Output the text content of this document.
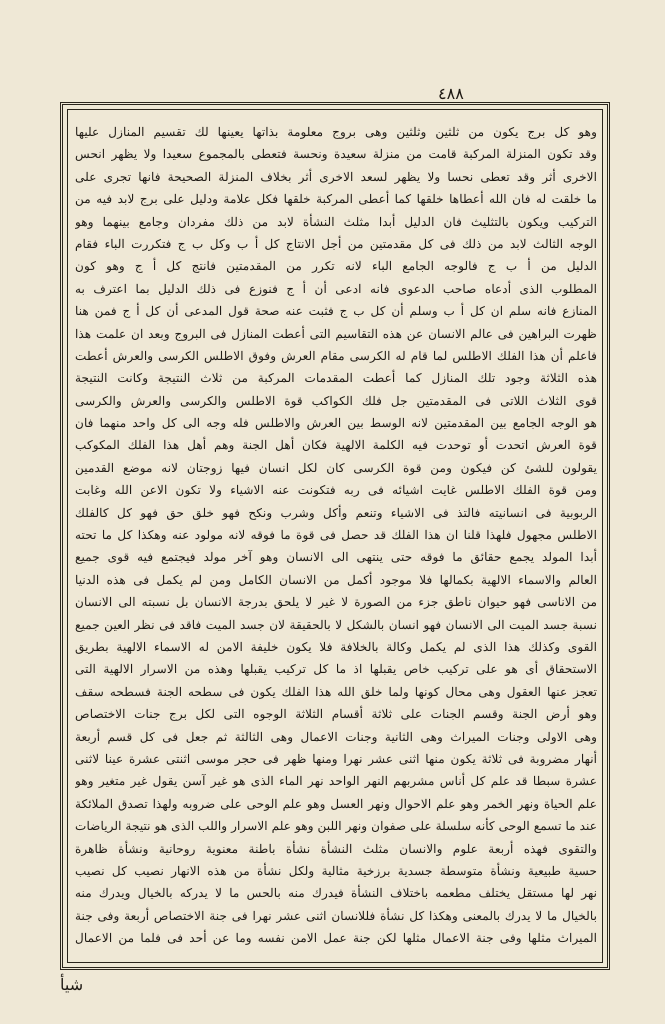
٤٨٨
وهو كل برج يكون من ثلثين وثلثين وهى بروج معلومة بذاتها يعينها لك تقسيم المنازل عليها
وقد تكون المنزلة المركبة قامت من منزلة سعيدة ونحسة فتعطى بالمجموع سعيدا ولا يظهر انحس
الاخرى أثر وقد تعطى نحسا ولا يظهر لسعد الاخرى أثر بخلاف المنزلة الصحيحة فانها تجرى على
ما خلقت له فان الله أعطاها خلقها كما أعطى المركبة خلقها فكل علامة ودليل على برج لابد فيه من
التركيب ويكون بالتثليث فان الدليل أبدا مثلث النشأة لابد من ذلك مفردان وجامع بينهما وهو
الوجه الثالث لابد من ذلك فى كل مقدمتين من أجل الانتاج كل أ ب وكل ب ج فتكررت الباء فقام
الدليل من أ ب ج فالوجه الجامع الباء لانه تكرر من المقدمتين فانتج كل أ ج وهو كون
المطلوب الذى أدعاه صاحب الدعوى فانه ادعى أن أ ج فنوزع فى ذلك الدليل بما اعترف به
المنازع فانه سلم ان كل أ ب وسلم أن كل ب ج فثبت عنه صحة قول المدعى أن كل أ ج فمن هنا
ظهرت البراهين فى عالم الانسان عن هذه التقاسيم التى أعطت المنازل فى البروج وبعد ان علمت هذا
فاعلم أن هذا الفلك الاطلس لما قام له الكرسى مقام العرش وفوق الاطلس الكرسى والعرش أعطت
هذه الثلاثة وجود تلك المنازل كما أعطت المقدمات المركبة من ثلاث النتيجة وكانت النتيجة
قوى الثلاث اللاتى فى المقدمتين جل فلك الكواكب قوة الاطلس والكرسى والعرش والكرسى
هو الوجه الجامع بين المقدمتين لانه الوسط بين العرش والاطلس فله وجه الى كل واحد منهما فان
قوة العرش اتحدت أو توحدت فيه الكلمة الالهية فكان أهل الجنة وهم أهل هذا الفلك المكوكب
يقولون للشئ كن فيكون ومن قوة الكرسى كان لكل انسان فيها زوجتان لانه موضع القدمين
ومن قوة الفلك الاطلس غايت اشيائه فى ربه فتكونت عنه الاشياء ولا تكون الاعن الله وغابت
الربوبية فى انسانيته فالتذ فى الاشياء وتنعم وأكل وشرب ونكح فهو خلق حق فهو كل كالفلك
الاطلس مجهول فلهذا قلنا ان هذا الفلك قد حصل فى قوة ما فوقه لانه مولود عنه وهكذا كل ما تحته
أبدا المولد يجمع حقائق ما فوقه حتى ينتهى الى الانسان وهو آخر مولد فيجتمع فيه قوى جميع
العالم والاسماء الالهية بكمالها فلا موجود أكمل من الانسان الكامل ومن لم يكمل فى هذه الدنيا
من الاناسى فهو حيوان ناطق جزء من الصورة لا غير لا يلحق بدرجة الانسان بل نسبته الى الانسان
نسبة جسد الميت الى الانسان فهو انسان بالشكل لا بالحقيقة لان جسد الميت فاقد فى نظر العين جميع
القوى وكذلك هذا الذى لم يكمل وكالة بالخلافة فلا يكون خليفة الامن له الاسماء الالهية بطريق
الاستحقاق أى هو على تركيب خاص يقبلها اذ ما كل تركيب يقبلها وهذه من الاسرار الالهية التى
تعجز عنها العقول وهى محال كونها ولما خلق الله هذا الفلك يكون فى سطحه الجنة فسطحه سقف
وهو أرض الجنة وقسم الجنات على ثلاثة أقسام الثلاثة الوجوه التى لكل برج جنات الاختصاص
وهى الاولى وجنات الميراث وهى الثانية وجنات الاعمال وهى الثالثة ثم جعل فى كل قسم أربعة
أنهار مضروبة فى ثلاثة يكون منها اثنى عشر نهرا ومنها ظهر فى حجر موسى اثنتى عشرة عينا لاثنى
عشرة سبطا قد علم كل أناس مشربهم النهر الواحد نهر الماء الذى هو غير آسن يقول غير متغير وهو
علم الحياة ونهر الخمر وهو علم الاحوال ونهر العسل وهو علم الوحى على ضروبه ولهذا تصدق الملائكة
عند ما تسمع الوحى كأنه سلسلة على صفوان ونهر اللبن وهو علم الاسرار واللب الذى هو نتيجة الرياضات
والتقوى فهذه أربعة علوم والانسان مثلث النشأة نشأة باطنة معنوية روحانية ونشأة ظاهرة
حسية طبيعية ونشأة متوسطة جسدية برزخية مثالية ولكل نشأة من هذه الانهار نصيب كل نصيب
نهر لها مستقل يختلف مطعمه باختلاف النشأة فيدرك منه بالحس ما لا يدركه بالخيال ويدرك منه
بالخيال ما لا يدرك بالمعنى وهكذا كل نشأة فللانسان اثنى عشر نهرا فى جنة الاختصاص أربعة وفى جنة
الميراث مثلها وفى جنة الاعمال مثلها لكن جنة عمل الامن نفسه وما عن أحد فى فلما من الاعمال
شيأ
